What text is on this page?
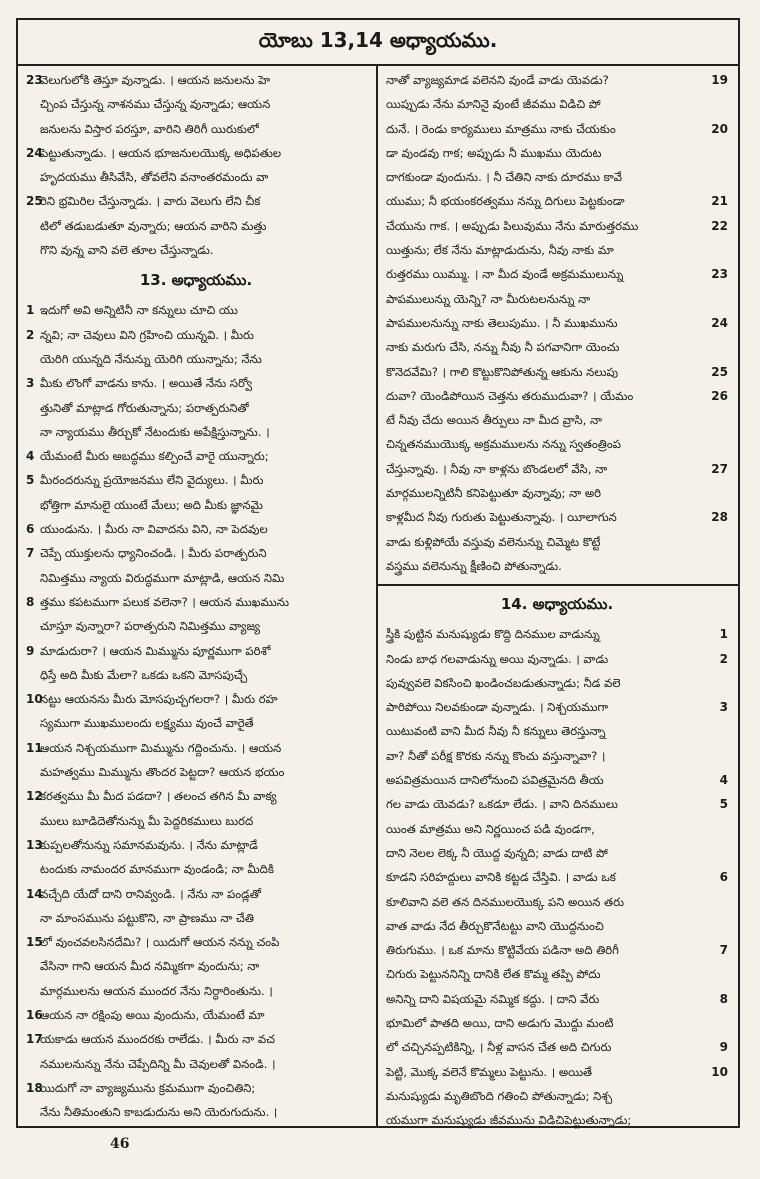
యోబు 13,14 అధ్యాయము.
23
వెలుగులోకి తెస్తూ వున్నాడు. । ఆయన జనులను హె
చ్చింప చేస్తున్న నాశనము చేస్తున్న వున్నాడు; ఆయన
జనులను విస్తార పరస్తూ, వారిని తిరిగీ యిరుకులో
24
పెట్టుతున్నాడు. । ఆయన భూజనులయొక్క అధిపతుల
హృదయము తీసివేసి, తోవలేని వనాంతరమందు వా
25
రిని భ్రమిరిల చేస్తున్నాడు. । వారు వెలుగు లేని చీక
టిలో తడుబడుతూ వున్నారు; ఆయన వారిని మత్తు
గొని వున్న వాని వలె తూల చేస్తున్నాడు.
13. అధ్యాయము.
1 ఇదుగో అవి అన్నిటినీ నా కన్నులు చూచి యు
2 న్నవి; నా చెవులు విని గ్రహించి యున్నవి. । మీరు
యెరిగి యున్నది నేనున్ను యెరిగి యున్నాను; నేను
3 మీకు లొంగో వాడను కాను. । అయితే నేను సర్వో
త్తునితో మాట్లాడ గోరుతున్నాను; పరాత్పరునితో
నా న్యాయము తీర్చుకో నేటందుకు అపేక్షిస్తున్నాను. ।
4 యేమంటే మీరు అబద్ధము కల్పించే వారై యున్నారు;
5 మీరందరున్ను ప్రయోజనము లేని వైద్యులు. । మీరు
భోత్తిగా మానులై యుంటే మేలు; అది మీకు జ్ఞానమై
6 యుండును. । మీరు నా వివాదను విని, నా పెదవుల
7 చెప్పే యుక్తులను ధ్యానించండి. । మీరు పరాత్పరుని
నిమిత్తము న్యాయ విరుద్ధముగా మాట్లాడి, ఆయన నిమి
8 త్తము కపటముగా పలుక వలెనా? । ఆయన ముఖమును
చూస్తూ వున్నారా? పరాత్పరుని నిమిత్తము వ్యాజ్య
9 మాడుదురా? । ఆయన మిమ్మును పూర్ణముగా పరిశో
ధిస్తే అది మీకు మేలా? ఒకడు ఒకని మోసపుచ్చే
10
నట్టు ఆయనను మీరు మోసపుచ్చగలరా? । మీరు రహ
స్యముగా ముఖములందు లక్ష్యము వుంచే వారైతే
11
ఆయన నిశ్చయముగా మిమ్మును గద్దించును. । ఆయన
మహత్వము మిమ్మును తొందర పెట్టదా? ఆయన భయం
12
కరత్వము మీ మీద పడదా? । తలంచ తగిన మీ వాక్య
ములు బూడిదెతోనున్ను మీ పెద్దరికములు బురద
13
కుప్పలతోనున్ను సమానమవును. । నేను మాట్లాడే
టందుకు నామందర మానముగా వుండండి; నా మీదికి
14
వచ్చేది యేదో దాని రానివ్వండి. । నేను నా పండ్లతో
నా మాంసమును పట్టుకొని, నా ప్రాణము నా చేతి
15
లో వుంచవలసినదేమి? । యిదుగో ఆయన నన్ను చంపి
వేసినా గాని ఆయన మీద నమ్మికగా వుందును; నా
మార్గములను ఆయన ముందర నేను నిర్ధారింతును. ।
16
ఆయన నా రక్షింపు అయి వుందును, యేమంటే మా
17
యకాడు ఆయన ముందరకు రాలేడు. । మీరు నా వచ
నములనున్ను నేను చెప్పేదిన్ని మీ చెవులతో వినండి. ।
18
యిదుగో నా వ్యాజ్యమును క్రమముగా వుంచితిని;
నేను నీతిమంతుని కాబడుదును అని యెరుగుదును. ।
నాతో వ్యాజ్యమాడ వలెనని వుండే వాడు యెవడు?	19
యిప్పుడు నేను మానినై వుంటే జీవము విడిచి పో
దునే. । రెండు కార్యములు మాత్రము నాకు చేయకుం	20
డా వుండవు గాక; అప్పుడు నీ ముఖము యెదుట
దాగకుండా వుందును. । నీ చేతిని నాకు దూరము కావే
యుము; నీ భయంకరత్వము నన్ను దిగులు పెట్టకుండా	21
చేయును గాక. । అప్పుడు పిలువుము నేను మారుత్తరము	22
యిత్తును; లేక నేను మాట్లాడుదును, నీవు నాకు మా
రుత్తరము యిమ్ము. । నా మీద వుండే అక్రమములున్ను	23
పాపములున్ను యెన్ని? నా మీరుటలనున్ను నా
పాపములనున్ను నాకు తెలుపుము. । నీ ముఖమును	24
నాకు మరుగు చేసి, నన్ను నీవు నీ పగవానిగా యెంచు
కొనెదవేమి? । గాలి కొట్టుకొనిపోతున్న ఆకును నలుపు	25
దువా? యెండిపోయిన చెత్తను తరుముదువా? । యేమం	26
టే నీవు చేదు అయిన తీర్పులు నా మీద వ్రాసి, నా
చిన్నతనముయొక్క అక్రమములను నన్ను స్వతంత్రింప
చేస్తున్నావు. । నీవు నా కాళ్లను బొండలలో వేసి, నా	27
మార్గములన్నిటినీ కనిపెట్టుతూ వున్నావు; నా అరి
కాళ్లమీద నీవు గురుతు పెట్టుతున్నావు. । యీలాగున	28
వాడు కుళ్లిపోయే వస్తువు వలెనున్ను చిమ్మెట కొట్టే
వస్త్రము వలెనున్ను క్షీణించి పోతున్నాడు.
14. అధ్యాయము.
స్త్రీకి పుట్టిన మనుష్యుడు కొద్ది దినముల వాడున్ను	1
నిండు బాధ గలవాడున్ను అయి వున్నాడు. । వాడు	2
పువ్వువలె వికసించి ఖండించబడుతున్నాడు; నీడ వలె
పారిపోయి నిలవకుండా వున్నాడు. । నిశ్చయముగా	3
యిటువంటి వాని మీద నీవు నీ కన్నులు తెరస్తున్నా
వా? నీతో పరీక్ష కొరకు నన్ను కొంచు వస్తున్నావా? ।
అపవిత్రమయిన దానిలోనుంచి పవిత్రమైనది తీయ	4
గల వాడు యెవడు? ఒకడూ లేడు. । వాని దినములు	5
యింత మాత్రము అని నిర్ణయించ పడి వుండగా,
దాని నెలల లెక్క నీ యొద్ద వున్నది; వాడు దాటి పో
కూడని సరిహద్దులు వానికి కట్టడ చేస్తివి. । వాడు ఒక	6
కూలివాని వలె తన దినములయొక్క పని అయిన తరు
వాత వాడు నేద తీర్చుకొనేటట్టు వాని యొద్దనుంచి
తిరుగుము. । ఒక మాను కొట్టివేయ పడినా అది తిరిగీ	7
చిగురు పెట్టుననిన్ని దానికి లేత కొమ్మ తప్పి పోదు
అనిన్ని దాని విషయమై నమ్మిక కద్దు. । దాని వేరు	8
భూమిలో పాతది అయి, దాని అడుగు మొద్దు మంటి
లో చచ్చినప్పటికిన్ని, । నీళ్ల వాసన చేత అది చిగురు	9
పెట్టి, మొక్క వలెనే కొమ్మలు పెట్టును. । అయితే	10
మనుష్యుడు మృతిబొంది గతించి పోతున్నాడు; నిశ్చ
యముగా మనుష్యుడు జీవమును విడిచిపెట్టుతున్నాడు;
46
